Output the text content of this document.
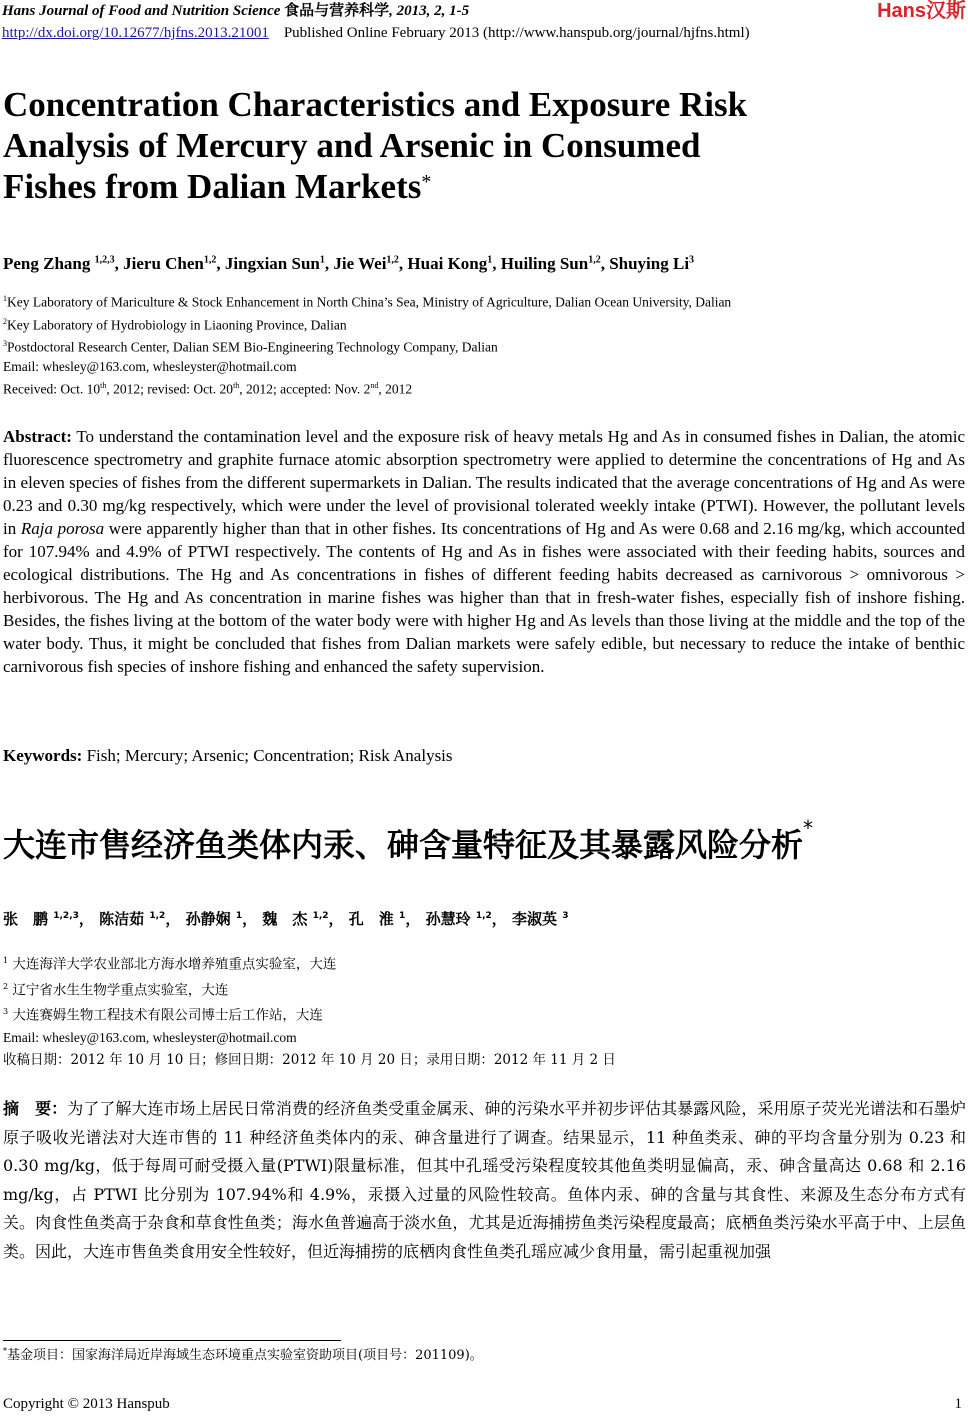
Hans Journal of Food and Nutrition Science 食品与营养科学, 2013, 2, 1-5	Hans汉斯
http://dx.doi.org/10.12677/hjfns.2013.21001 Published Online February 2013 (http://www.hanspub.org/journal/hjfns.html)
Concentration Characteristics and Exposure Risk
Analysis of Mercury and Arsenic in Consumed
Fishes from Dalian Markets*
Peng Zhang $^{1,2,3}$, Jieru Chen$^{1,2}$, Jingxian Sun$^1$, Jie Wei$^{1,2}$, Huai Kong$^1$, Huiling Sun$^{1,2}$, Shuying Li$^3$
$^1$Key Laboratory of Mariculture & Stock Enhancement in North China’s Sea, Ministry of Agriculture, Dalian Ocean University, Dalian
$^2$Key Laboratory of Hydrobiology in Liaoning Province, Dalian
$^3$Postdoctoral Research Center, Dalian SEM Bio-Engineering Technology Company, Dalian
Email: whesley@163.com, whesleyster@hotmail.com
Received: Oct. 10th, 2012; revised: Oct. 20th, 2012; accepted: Nov. 2nd, 2012
Abstract: To understand the contamination level and the exposure risk of heavy metals Hg and As in consumed fishes in Dalian, the atomic fluorescence spectrometry and graphite furnace atomic absorption spectrometry were applied to determine the concentrations of Hg and As in eleven species of fishes from the different supermarkets in Dalian. The results indicated that the average concentrations of Hg and As were 0.23 and 0.30 mg/kg respectively, which were under the level of provisional tolerated weekly intake (PTWI). However, the pollutant levels in Raja porosa were apparently higher than that in other fishes. Its concentrations of Hg and As were 0.68 and 2.16 mg/kg, which accounted for 107.94% and 4.9% of PTWI respectively. The contents of Hg and As in fishes were associated with their feeding habits, sources and ecological distributions. The Hg and As concentrations in fishes of different feeding habits decreased as carnivorous > omnivorous > herbivorous. The Hg and As concentration in marine fishes was higher than that in fresh-water fishes, especially fish of inshore fishing. Besides, the fishes living at the bottom of the water body were with higher Hg and As levels than those living at the middle and the top of the water body. Thus, it might be concluded that fishes from Dalian markets were safely edible, but necessary to reduce the intake of benthic carnivorous fish species of inshore fishing and enhanced the safety supervision.
Keywords: Fish; Mercury; Arsenic; Concentration; Risk Analysis
大连市售经济鱼类体内汞、砷含量特征及其暴露风险分析*
张　鹏 $^{1,2,3}$， 陈洁茹 $^{1,2}$， 孙静娴 $^1$， 魏　杰 $^{1,2}$， 孔　淮 $^1$， 孙慧玲 $^{1,2}$， 李淑英 $^3$
$^1$ 大连海洋大学农业部北方海水增养殖重点实验室，大连
$^2$ 辽宁省水生生物学重点实验室，大连
$^3$ 大连赛姆生物工程技术有限公司博士后工作站，大连
Email: whesley@163.com, whesleyster@hotmail.com
收稿日期：2012 年 10 月 10 日；修回日期：2012 年 10 月 20 日；录用日期：2012 年 11 月 2 日
摘　要：为了了解大连市场上居民日常消费的经济鱼类受重金属汞、砷的污染水平并初步评估其暴露风险，采用原子荧光光谱法和石墨炉原子吸收光谱法对大连市售的 11 种经济鱼类体内的汞、砷含量进行了调查。结果显示，11 种鱼类汞、砷的平均含量分别为 0.23 和 0.30 mg/kg，低于每周可耐受摄入量(PTWI)限量标准，但其中孔瑶受污染程度较其他鱼类明显偏高，汞、砷含量高达 0.68 和 2.16 mg/kg，占 PTWI 比分别为 107.94%和 4.9%，汞摄入过量的风险性较高。鱼体内汞、砷的含量与其食性、来源及生态分布方式有关。肉食性鱼类高于杂食和草食性鱼类；海水鱼普遍高于淡水鱼，尤其是近海捕捞鱼类污染程度最高；底栖鱼类污染水平高于中、上层鱼类。因此，大连市售鱼类食用安全性较好，但近海捕捞的底栖肉食性鱼类孔瑶应减少食用量，需引起重视加强
*基金项目：国家海洋局近岸海域生态环境重点实验室资助项目(项目号：201109)。
Copyright © 2013 Hanspub	1
